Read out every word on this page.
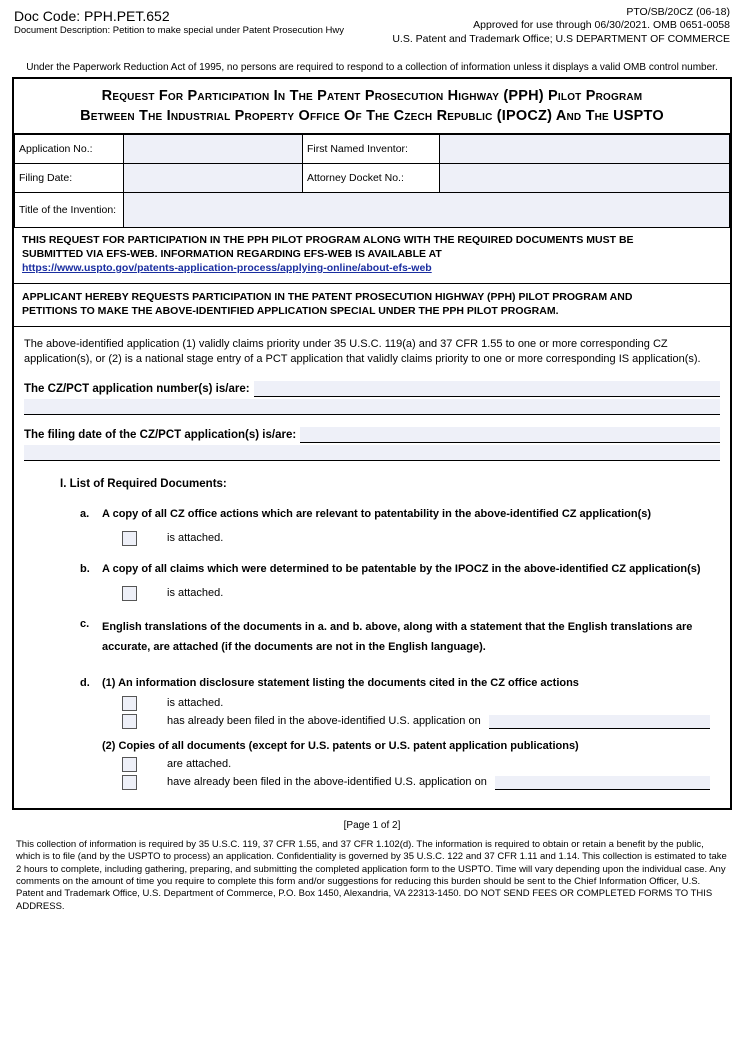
Doc Code: PPH.PET.652
Document Description: Petition to make special under Patent Prosecution Hwy
PTO/SB/20CZ (06-18)
Approved for use through 06/30/2021. OMB 0651-0058
U.S. Patent and Trademark Office; U.S DEPARTMENT OF COMMERCE
Under the Paperwork Reduction Act of 1995, no persons are required to respond to a collection of information unless it displays a valid OMB control number.
Request For Participation In The Patent Prosecution Highway (PPH) Pilot Program
Between The Industrial Property Office Of The Czech Republic (IPOCZ) And The USPTO
Application No.:		First Named Inventor:	
Filing Date:		Attorney Docket No.:	
Title of the Invention:			
THIS REQUEST FOR PARTICIPATION IN THE PPH PILOT PROGRAM ALONG WITH THE REQUIRED DOCUMENTS MUST BE
SUBMITTED VIA EFS-WEB. INFORMATION REGARDING EFS-WEB IS AVAILABLE AT
https://www.uspto.gov/patents-application-process/applying-online/about-efs-web
APPLICANT HEREBY REQUESTS PARTICIPATION IN THE PATENT PROSECUTION HIGHWAY (PPH) PILOT PROGRAM AND
PETITIONS TO MAKE THE ABOVE-IDENTIFIED APPLICATION SPECIAL UNDER THE PPH PILOT PROGRAM.
The above-identified application (1) validly claims priority under 35 U.S.C. 119(a) and 37 CFR 1.55 to one or more corresponding CZ application(s), or (2) is a national stage entry of a PCT application that validly claims priority to one or more corresponding IS application(s).
The CZ/PCT application number(s) is/are:
The filing date of the CZ/PCT application(s) is/are:
I. List of Required Documents:
a.	A copy of all CZ office actions which are relevant to patentability in the above-identified CZ application(s)
is attached.
b.	A copy of all claims which were determined to be patentable by the IPOCZ in the above-identified CZ application(s)
is attached.
c.	English translations of the documents in a. and b. above, along with a statement that the English translations are accurate, are attached (if the documents are not in the English language).
d.	(1) An information disclosure statement listing the documents cited in the CZ office actions
is attached.
has already been filed in the above-identified U.S. application on
(2) Copies of all documents (except for U.S. patents or U.S. patent application publications)
are attached.
have already been filed in the above-identified U.S. application on
[Page 1 of 2]
This collection of information is required by 35 U.S.C. 119, 37 CFR 1.55, and 37 CFR 1.102(d). The information is required to obtain or retain a benefit by the public, which is to file (and by the USPTO to process) an application. Confidentiality is governed by 35 U.S.C. 122 and 37 CFR 1.11 and 1.14. This collection is estimated to take 2 hours to complete, including gathering, preparing, and submitting the completed application form to the USPTO. Time will vary depending upon the individual case. Any comments on the amount of time you require to complete this form and/or suggestions for reducing this burden should be sent to the Chief Information Officer, U.S. Patent and Trademark Office, U.S. Department of Commerce, P.O. Box 1450, Alexandria, VA 22313-1450. DO NOT SEND FEES OR COMPLETED FORMS TO THIS ADDRESS.
